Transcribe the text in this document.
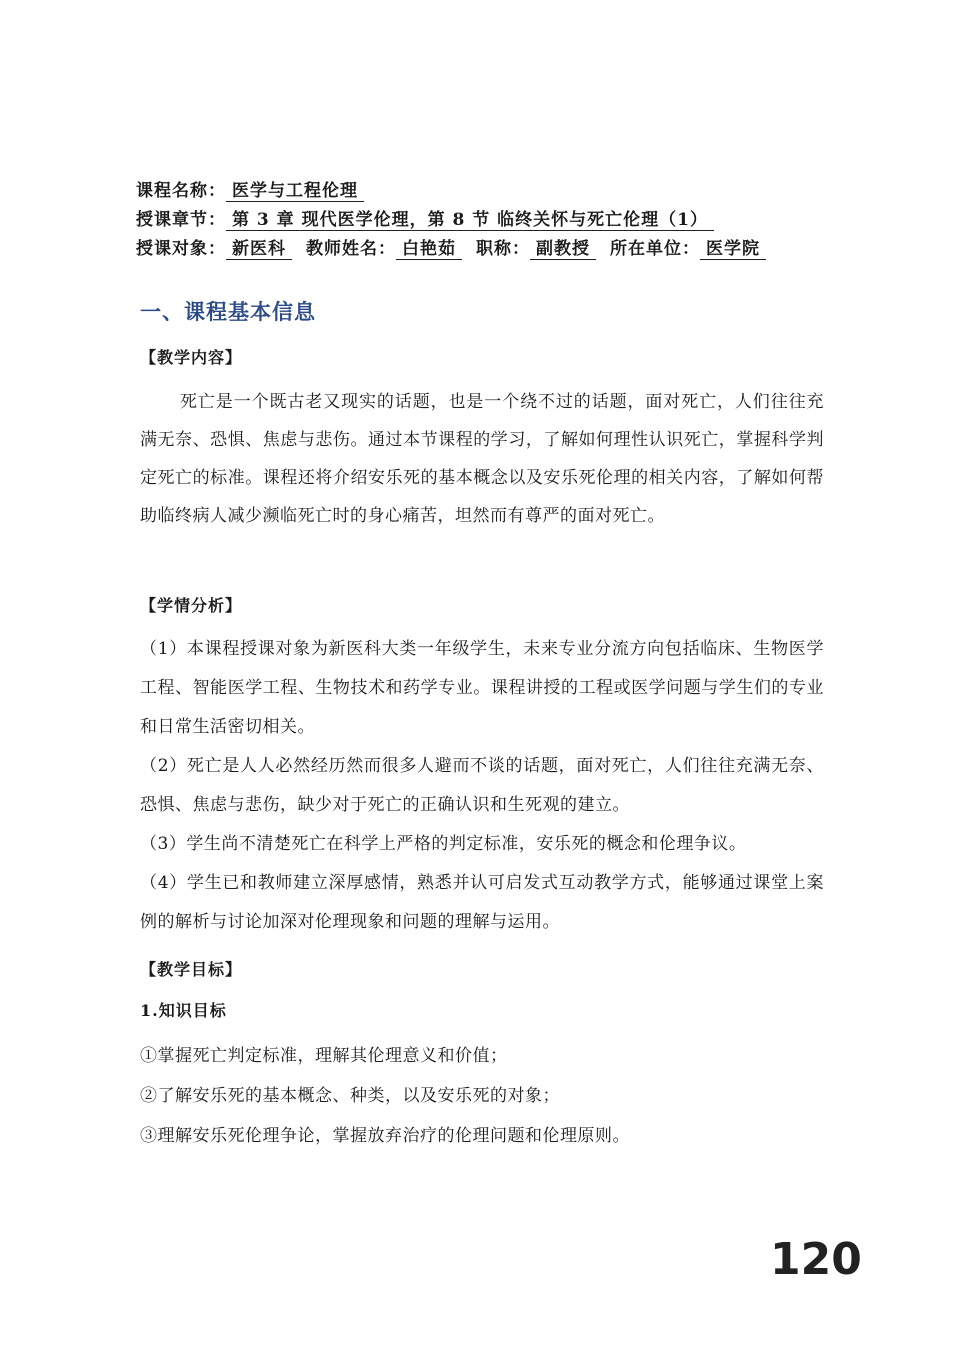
课程名称： 医学与工程伦理
授课章节： 第 3 章 现代医学伦理，第 8 节 临终关怀与死亡伦理（1）
授课对象： 新医科 教师姓名： 白艳茹 职称： 副教授 所在单位： 医学院
一、课程基本信息
【教学内容】
死亡是一个既古老又现实的话题，也是一个绕不过的话题，面对死亡，人们往往充满无奈、恐惧、焦虑与悲伤。通过本节课程的学习，了解如何理性认识死亡，掌握科学判定死亡的标准。课程还将介绍安乐死的基本概念以及安乐死伦理的相关内容，了解如何帮助临终病人减少濒临死亡时的身心痛苦，坦然而有尊严的面对死亡。
【学情分析】
（1）本课程授课对象为新医科大类一年级学生，未来专业分流方向包括临床、生物医学工程、智能医学工程、生物技术和药学专业。课程讲授的工程或医学问题与学生们的专业和日常生活密切相关。
（2）死亡是人人必然经历然而很多人避而不谈的话题，面对死亡，人们往往充满无奈、恐惧、焦虑与悲伤，缺少对于死亡的正确认识和生死观的建立。
（3）学生尚不清楚死亡在科学上严格的判定标准，安乐死的概念和伦理争议。
（4）学生已和教师建立深厚感情，熟悉并认可启发式互动教学方式，能够通过课堂上案例的解析与讨论加深对伦理现象和问题的理解与运用。
【教学目标】
1.知识目标
①掌握死亡判定标准，理解其伦理意义和价值；
②了解安乐死的基本概念、种类，以及安乐死的对象；
③理解安乐死伦理争论，掌握放弃治疗的伦理问题和伦理原则。
120
